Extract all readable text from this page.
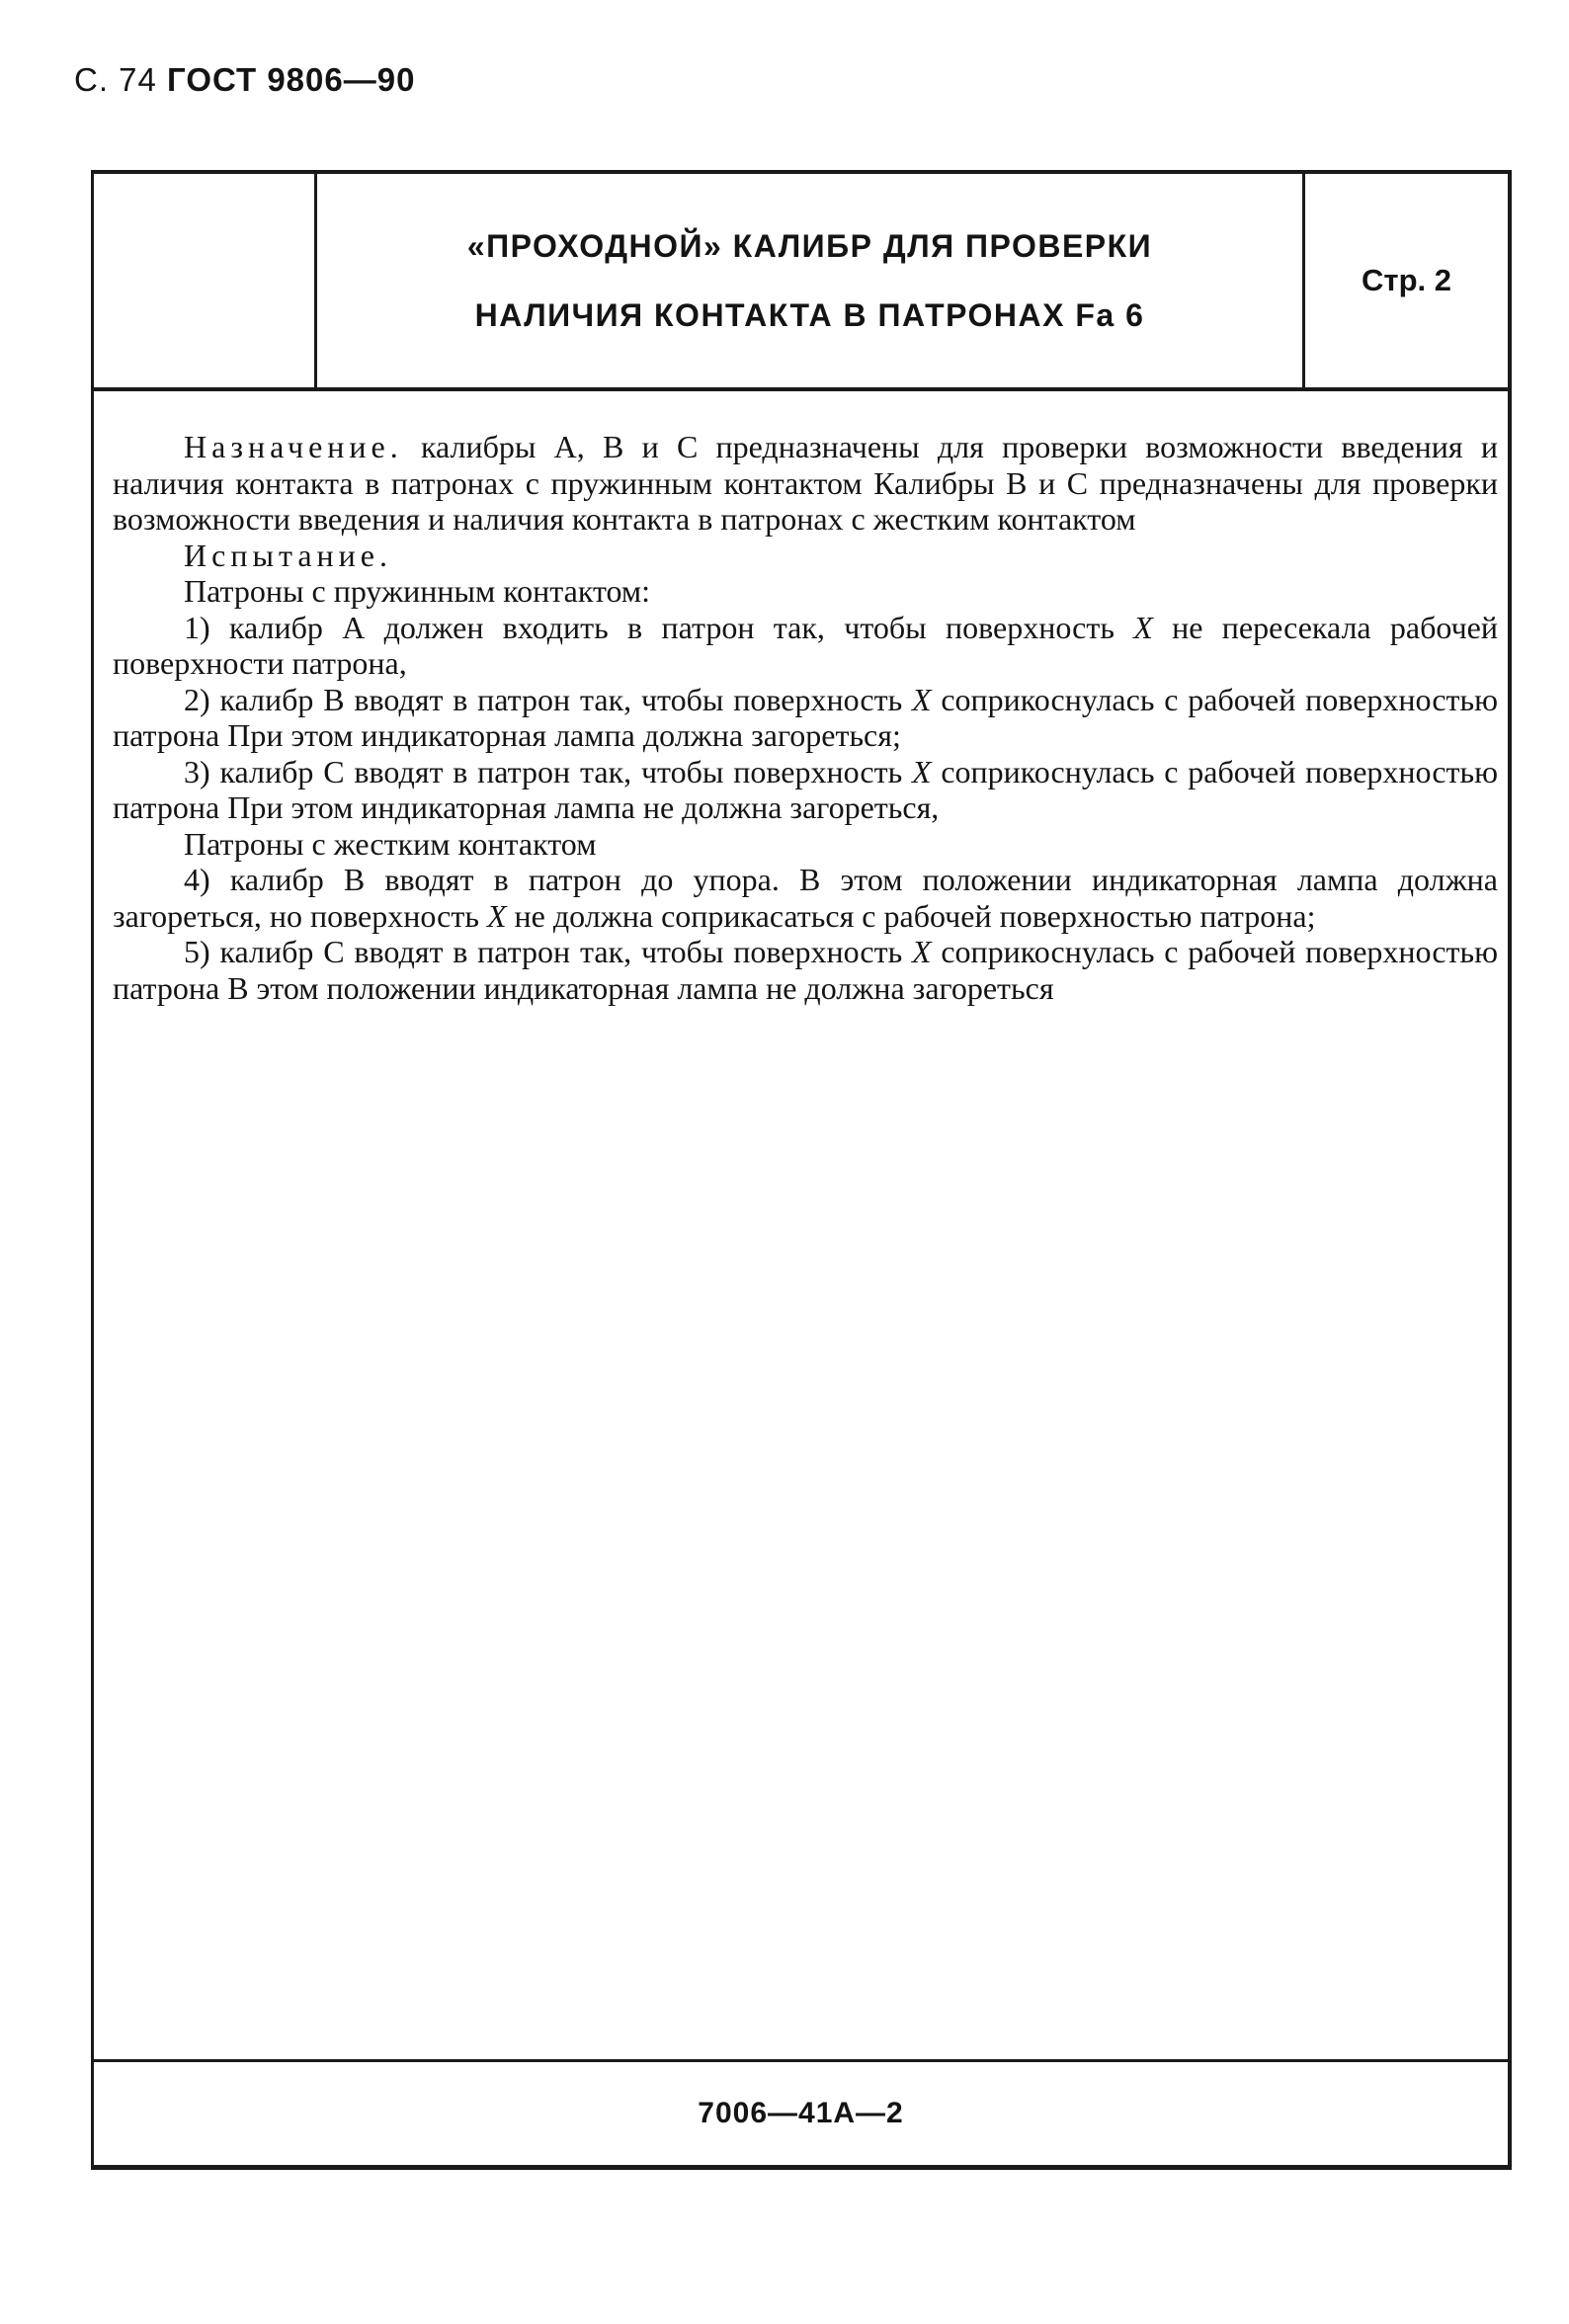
С. 74 ГОСТ 9806—90
«ПРОХОДНОЙ» КАЛИБР ДЛЯ ПРОВЕРКИ
НАЛИЧИЯ КОНТАКТА В ПАТРОНАХ Fa 6
Стр. 2

Назначение. калибры А, В и С предназначены для проверки возможности введения и наличия контакта в патронах с пружинным контактом Калибры В и С предназначены для проверки возможности введения и наличия контакта в патронах с жестким контактом

Испытание.

Патроны с пружинным контактом:

1) калибр А должен входить в патрон так, чтобы поверхность X не пересекала рабочей поверхности патрона,

2) калибр В вводят в патрон так, чтобы поверхность X соприкоснулась с рабочей поверхностью патрона При этом индикаторная лампа должна загореться;

3) калибр С вводят в патрон так, чтобы поверхность X соприкоснулась с рабочей поверхностью патрона При этом индикаторная лампа не должна загореться,

Патроны с жестким контактом

4) калибр В вводят в патрон до упора. В этом положении индикаторная лампа должна загореться, но поверхность X не должна соприкасаться с рабочей поверхностью патрона;

5) калибр С вводят в патрон так, чтобы поверхность X соприкоснулась с рабочей поверхностью патрона В этом положении индикаторная лампа не должна загореться

7006—41А—2
